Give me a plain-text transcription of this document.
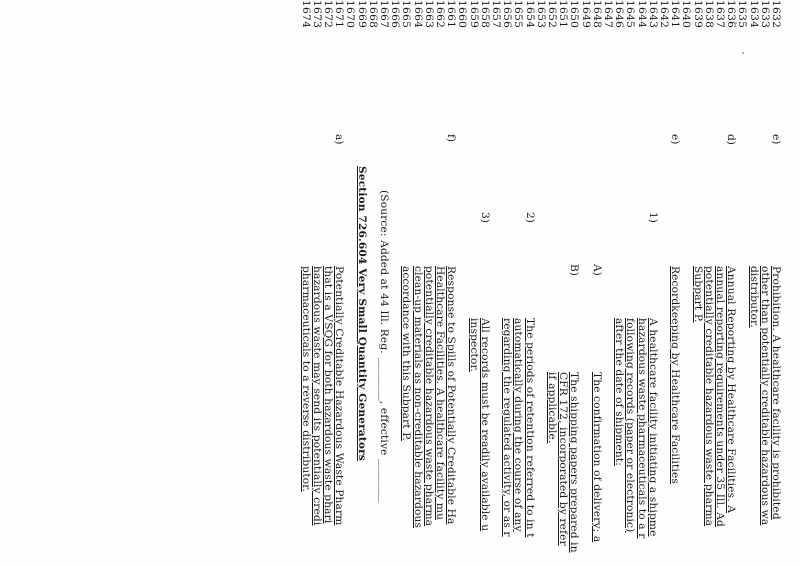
1632
e)
Prohibition. A healthcare facility is prohibited
1633
other than potentially creditable hazardous wa
1634
distributor.
1635
1636
d)
Annual Reporting by Healthcare Facilities. A
1637
annual reporting requirements under 35 Ill. Ad
1638
potentially creditable hazardous waste pharma
1639
Subpart P.
1640
1641
e)
Recordkeeping by Healthcare Facilities
1642
1643
1)
A healthcare facility initiating a shipme
1644
hazardous waste pharmaceuticals to a r
1645
following records (paper or electronic)
1646
after the date of shipment:
1647
1648
A)
The confirmation of delivery; a
1649
1650
B)
The shipping papers prepared in
1651
CFR 172, incorporated by refer
1652
if applicable.
1653
1654
2)
The periods of retention referred to in t
1655
automatically during the course of any
1656
regarding the regulated activity, or as r
1657
1658
3)
All records must be readily available u
1659
inspector.
1660
1661
f)
Response to Spills of Potentially Creditable Ha
1662
Healthcare Facilities. A healthcare facility mu
1663
potentially creditable hazardous waste pharma
1664
clean-up materials as non-creditable hazardous
1665
accordance with this Subpart P.
1666
1667
(Source: Added at 44 Ill. Reg. ________, effective ________
1668
1669
Section 726.604 Very Small Quantity Generators
1670
1671
a)
Potentially Creditable Hazardous Waste Pharm
1672
that is a VSQG for both hazardous waste phari
1673
hazardous waste may send its potentially credi
1674
pharmaceuticals to a reverse distributor.
